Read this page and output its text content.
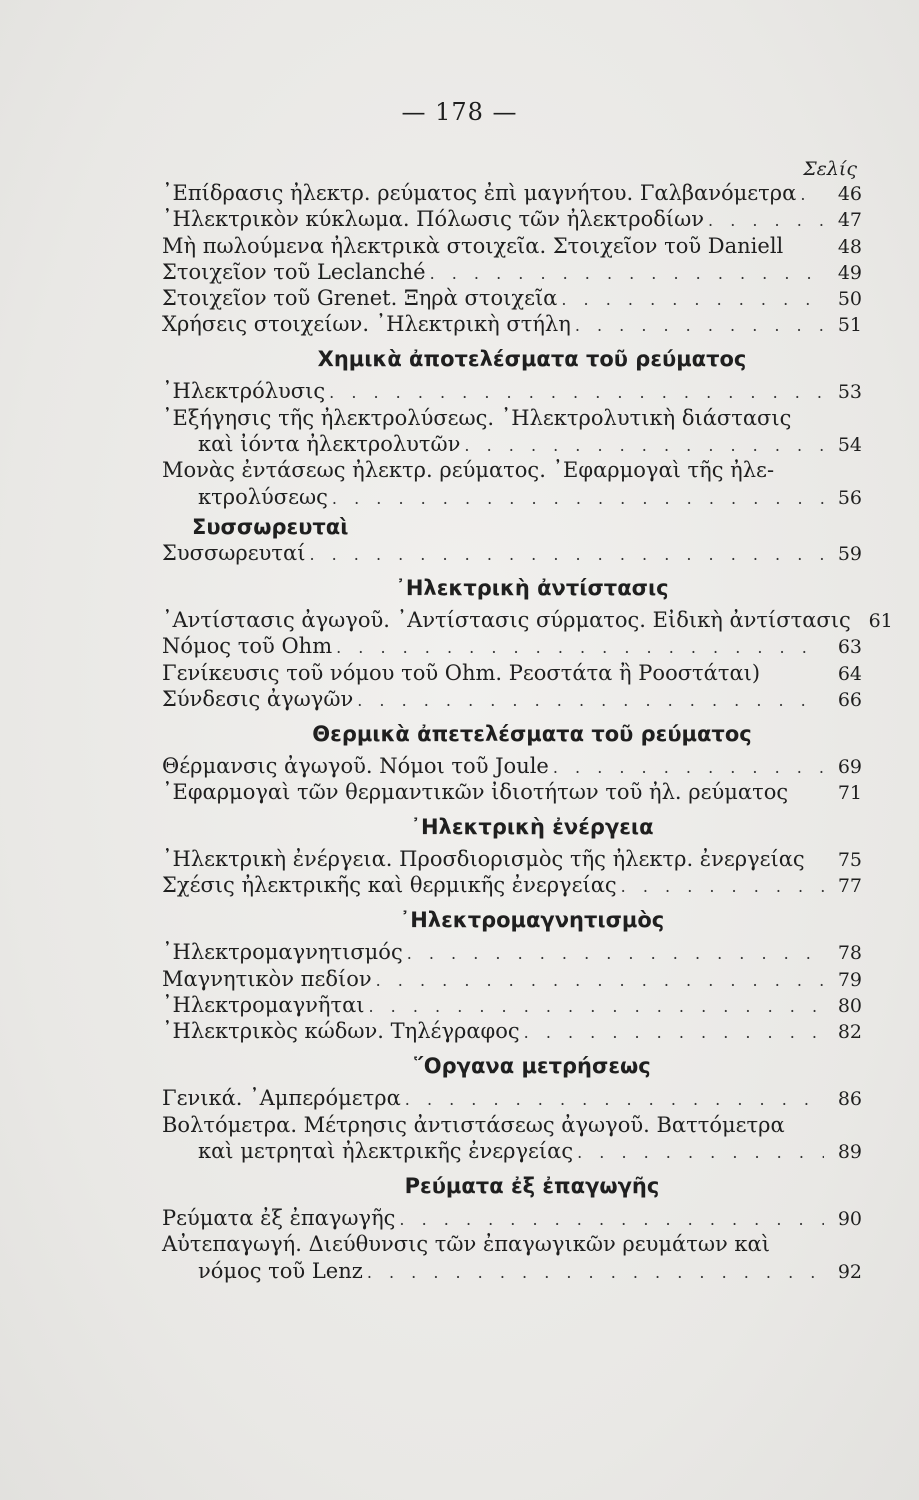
— 178 —
Σελίς
᾿Επίδρασις ἠλεκτρ. ρεύματος ἐπὶ μαγνήτου. Γαλβανόμετρα . . .	46
᾿Ηλεκτρικὸν κύκλωμα. Πόλωσις τῶν ἠλεκτροδίων . . .	47
Μὴ πωλούμενα ἠλεκτρικὰ στοιχεῖα. Στοιχεῖον τοῦ Daniell	48
Στοιχεῖον τοῦ Leclanché . . .	49
Στοιχεῖον τοῦ Grenet. Ξηρὰ στοιχεῖα . . .	50
Χρήσεις στοιχείων. ᾿Ηλεκτρικὴ στήλη . . .	51
Χημικὰ ἀποτελέσματα τοῦ ρεύματος
᾿Ηλεκτρόλυσις . . .	53
᾿Εξήγησις τῆς ἠλεκτρολύσεως. ᾿Ηλεκτρολυτικὴ διάστασις
καὶ ἰόντα ἠλεκτρολυτῶν . . .	54
Μονὰς ἐντάσεως ἠλεκτρ. ρεύματος. ᾿Εφαρμογαὶ τῆς ἠλε-
κτρολύσεως . . .	56
Συσσωρευταὶ
Συσσωρευταί . . .	59
᾿Ηλεκτρικὴ ἀντίστασις
᾿Αντίστασις ἀγωγοῦ. ᾿Αντίστασις σύρματος. Εἰδικὴ ἀντίστασις 61
Νόμος τοῦ Ohm . . .	63
Γενίκευσις τοῦ νόμου τοῦ Ohm. Ρεοστάτα ἢ Ροοστάται)	64
Σύνδεσις ἀγωγῶν . . .	66
Θερμικὰ ἀπετελέσματα τοῦ ρεύματος
Θέρμανσις ἀγωγοῦ. Νόμοι τοῦ Joule . . .	69
᾿Εφαρμογαὶ τῶν θερμαντικῶν ἰδιοτήτων τοῦ ἠλ. ρεύματος	71
᾿Ηλεκτρικὴ ἐνέργεια
᾿Ηλεκτρικὴ ἐνέργεια. Προσδιορισμὸς τῆς ἠλεκτρ. ἐνεργείας	75
Σχέσις ἠλεκτρικῆς καὶ θερμικῆς ἐνεργείας . . .	77
᾿Ηλεκτρομαγνητισμὸς
᾿Ηλεκτρομαγνητισμός . . .	78
Μαγνητικὸν πεδίον . . .	79
᾿Ηλεκτρομαγνῆται . . .	80
᾿Ηλεκτρικὸς κώδων. Τηλέγραφος . . .	82
῞Οργανα μετρήσεως
Γενικά. ᾿Αμπερόμετρα . . .	86
Βολτόμετρα. Μέτρησις ἀντιστάσεως ἀγωγοῦ. Βαττόμετρα
καὶ μετρηταὶ ἠλεκτρικῆς ἐνεργείας . . .	89
Ρεύματα ἐξ ἐπαγωγῆς
Ρεύματα ἐξ ἐπαγωγῆς . . .	90
Αὐτεπαγωγή. Διεύθυνσις τῶν ἐπαγωγικῶν ρευμάτων καὶ
νόμος τοῦ Lenz . . .	92
